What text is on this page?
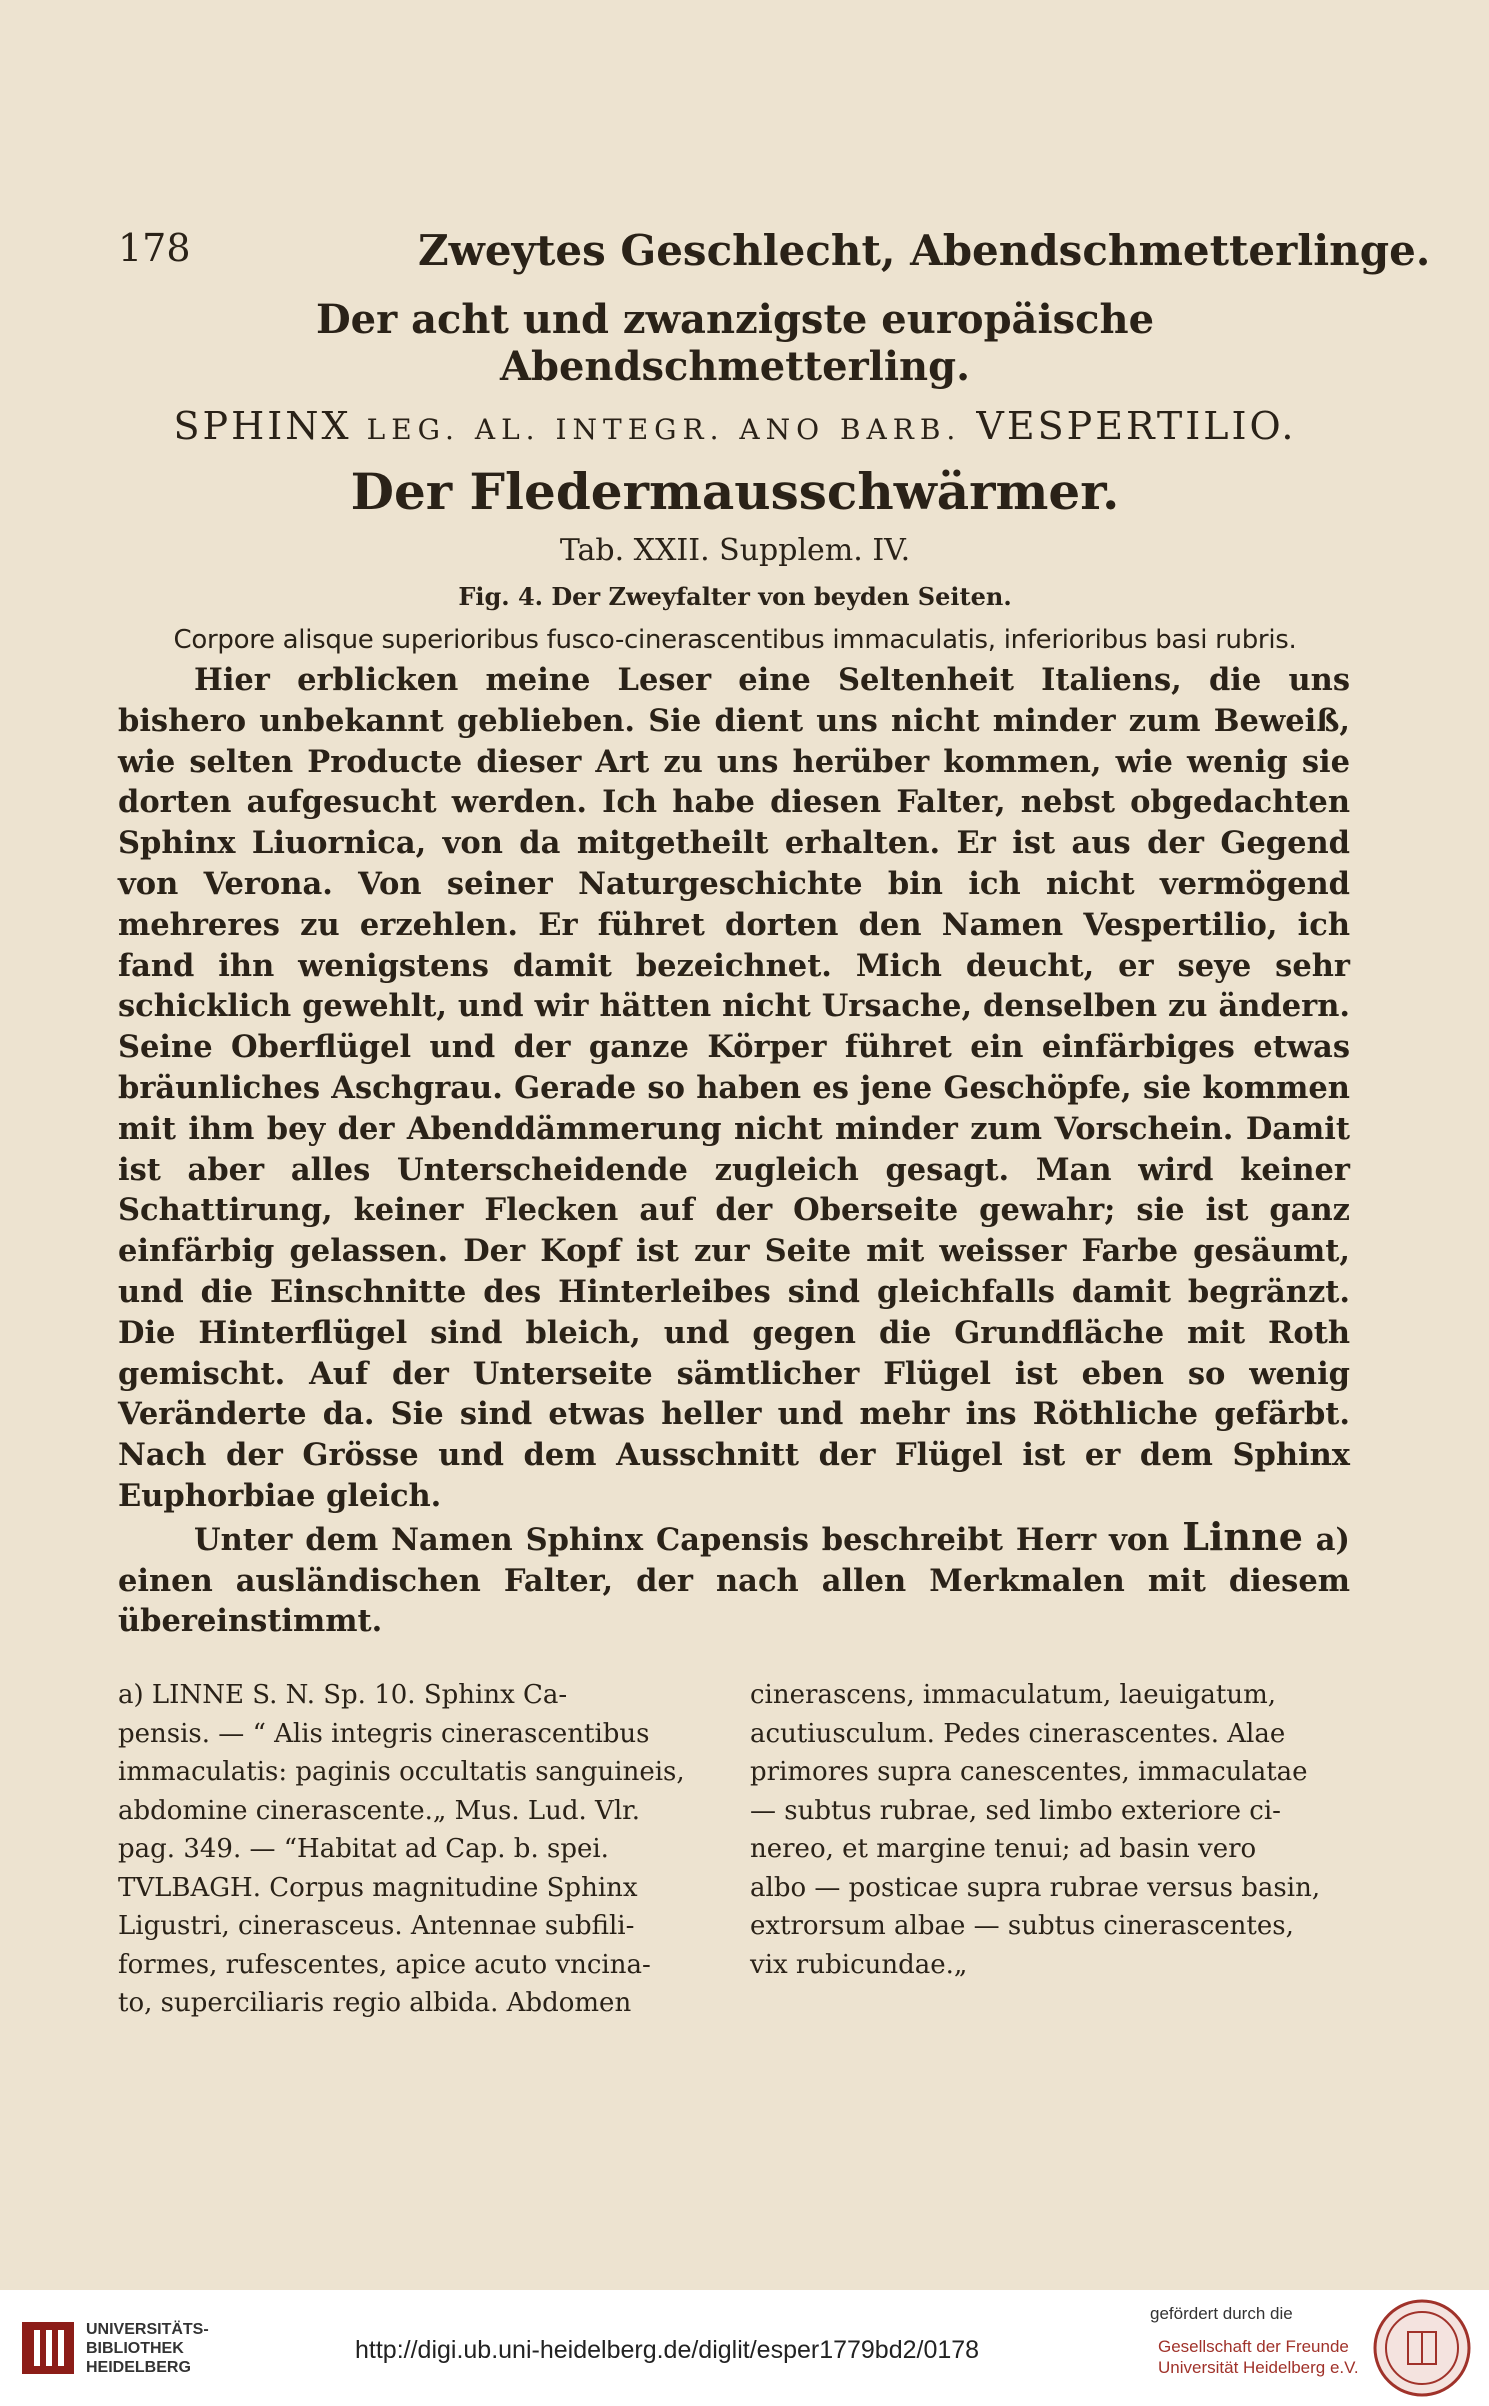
178	Zweytes Geschlecht, Abendschmetterlinge.
Der acht und zwanzigste europäische Abendschmetterling.
SPHINX LEG. AL. INTEGR. ANO BARB. VESPERTILIO.
Der Fledermausschwärmer.
Tab. XXII. Supplem. IV.
Fig. 4. Der Zweyfalter von beyden Seiten.
Corpore alisque superioribus fusco-cinerascentibus immaculatis, inferioribus basi rubris.

Hier erblicken meine Leser eine Seltenheit Italiens, die uns bishero unbekannt geblieben. Sie dient uns nicht minder zum Beweiß, wie selten Producte dieser Art zu uns herüber kommen, wie wenig sie dorten aufgesucht werden. Ich habe diesen Falter, nebst obgedachten Sphinx Liuornica, von da mitgetheilt erhalten. Er ist aus der Gegend von Verona. Von seiner Naturgeschichte bin ich nicht vermögend mehreres zu erzehlen. Er führet dorten den Namen Vespertilio, ich fand ihn wenigstens damit bezeichnet. Mich deucht, er seye sehr schicklich gewehlt, und wir hätten nicht Ursache, denselben zu ändern. Seine Oberflügel und der ganze Körper führet ein einfärbiges etwas bräunliches Aschgrau. Gerade so haben es jene Geschöpfe, sie kommen mit ihm bey der Abenddämmerung nicht minder zum Vorschein. Damit ist aber alles Unterscheidende zugleich gesagt. Man wird keiner Schattirung, keiner Flecken auf der Oberseite gewahr; sie ist ganz einfärbig gelassen. Der Kopf ist zur Seite mit weisser Farbe gesäumt, und die Einschnitte des Hinterleibes sind gleichfalls damit begränzt. Die Hinterflügel sind bleich, und gegen die Grundfläche mit Roth gemischt. Auf der Unterseite sämtlicher Flügel ist eben so wenig Veränderte da. Sie sind etwas heller und mehr ins Röthliche gefärbt. Nach der Grösse und dem Ausschnitt der Flügel ist er dem Sphinx Euphorbiae gleich.

Unter dem Namen Sphinx Capensis beschreibt Herr von Linne a) einen ausländischen Falter, der nach allen Merkmalen mit diesem übereinstimmt.

a) LINNE S. N. Sp. 10. Sphinx Ca-
pensis. — “ Alis integris cinerascentibus
immaculatis: paginis occultatis sanguineis,
abdomine cinerascente.„ Mus. Lud. Vlr.
pag. 349. — “Habitat ad Cap. b. spei.
TVLBAGH. Corpus magnitudine Sphinx
Ligustri, cinerasceus. Antennae subfili-
formes, rufescentes, apice acuto vncina-
to, superciliaris regio albida. Abdomen
cinerascens, immaculatum, laeuigatum,
acutiusculum. Pedes cinerascentes. Alae
primores supra canescentes, immaculatae
— subtus rubrae, sed limbo exteriore ci-
nereo, et margine tenui; ad basin vero
albo — posticae supra rubrae versus basin,
extrorsum albae — subtus cinerascentes,
vix rubicundae.„
UNIVERSITÄTS-
BIBLIOTHEK
HEIDELBERG
http://digi.ub.uni-heidelberg.de/diglit/esper1779bd2/0178
gefördert durch die
Gesellschaft der Freunde
Universität Heidelberg e.V.
